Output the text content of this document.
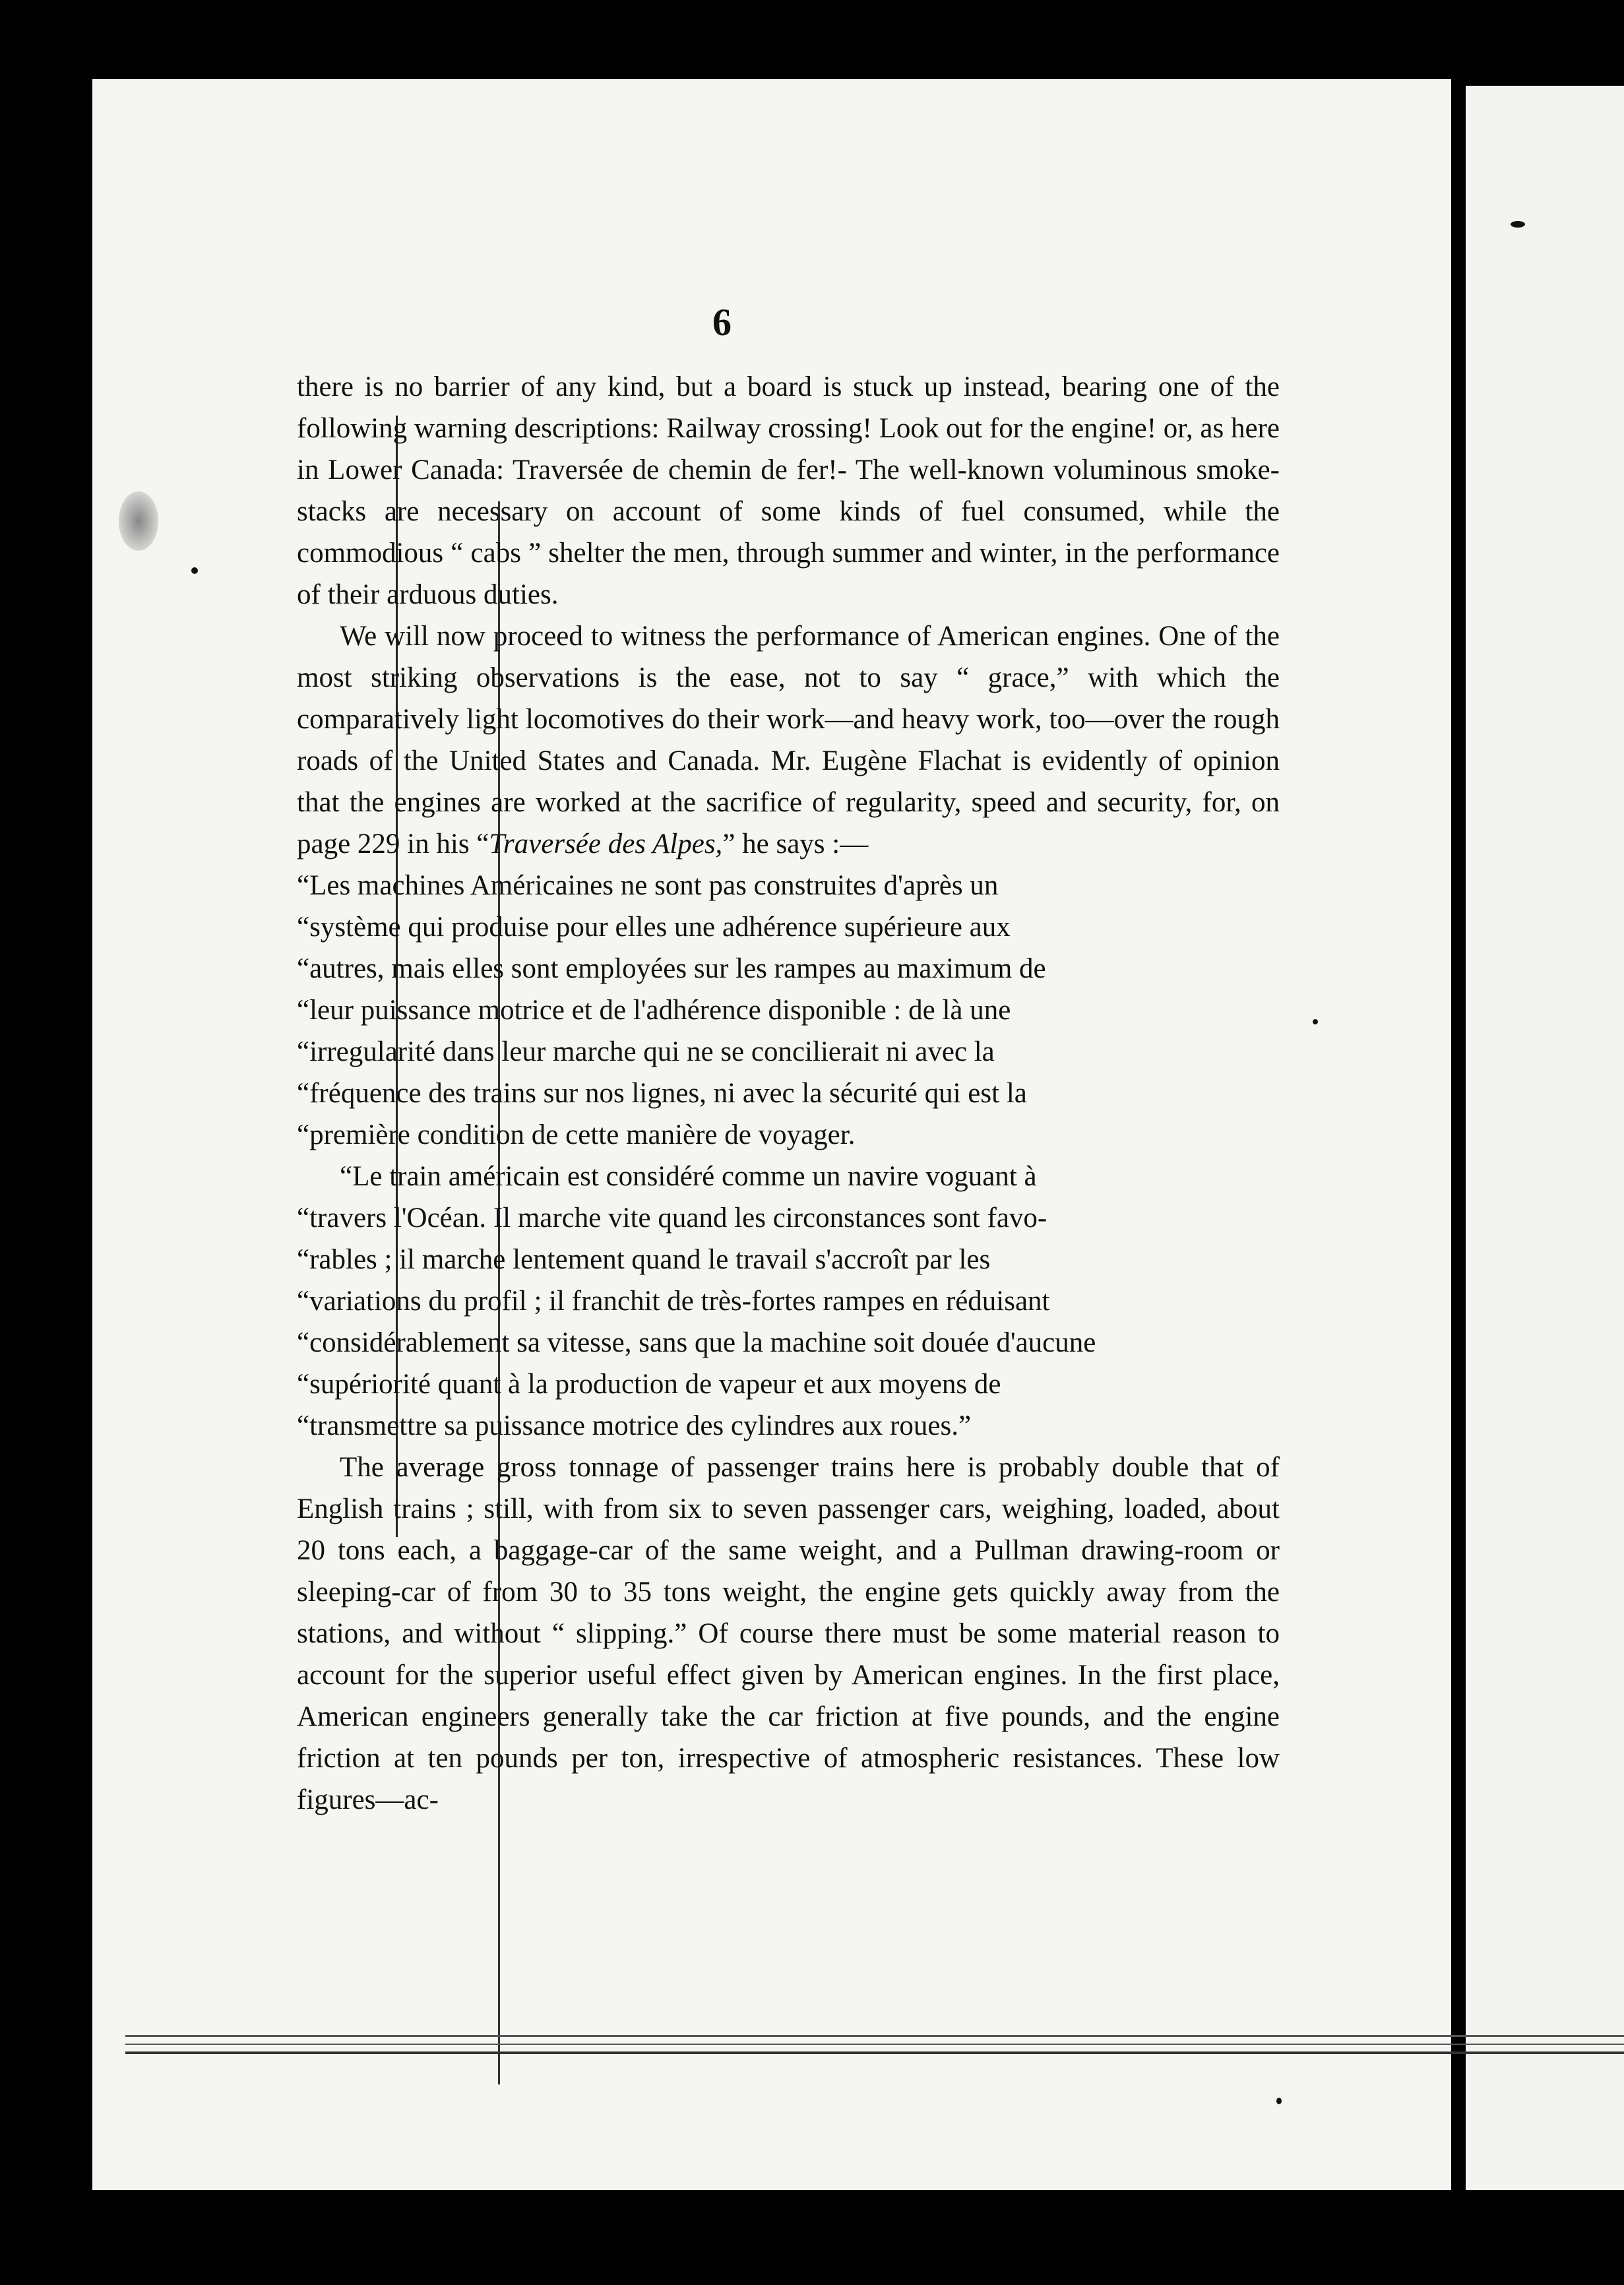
6

there is no barrier of any kind, but a board is stuck up instead, bearing one of the following warning descriptions: Railway crossing! Look out for the engine! or, as here in Lower Canada: Traversée de chemin de fer!- The well-known voluminous smoke-stacks are necessary on account of some kinds of fuel consumed, while the commodious “ cabs ” shelter the men, through summer and winter, in the performance of their arduous duties.

We will now proceed to witness the performance of American engines. One of the most striking observations is the ease, not to say “ grace,” with which the comparatively light locomotives do their work—and heavy work, too—over the rough roads of the United States and Canada. Mr. Eugène Flachat is evidently of opinion that the engines are worked at the sacrifice of regularity, speed and security, for, on page 229 in his “Traversée des Alpes,” he says :—

“ Les machines Américaines ne sont pas construites d'après un
“ système qui produise pour elles une adhérence supérieure aux
“ autres, mais elles sont employées sur les rampes au maximum de
“ leur puissance motrice et de l'adhérence disponible : de là une
“ irregularité dans leur marche qui ne se concilierait ni avec la
“ fréquence des trains sur nos lignes, ni avec la sécurité qui est la
“ première condition de cette manière de voyager.

“ Le train américain est considéré comme un navire voguant à
“ travers l'Océan. Il marche vite quand les circonstances sont favo-
“ rables ; il marche lentement quand le travail s'accroît par les
“ variations du profil ; il franchit de très-fortes rampes en réduisant
“ considérablement sa vitesse, sans que la machine soit douée d'aucune
“ supériorité quant à la production de vapeur et aux moyens de
“ transmettre sa puissance motrice des cylindres aux roues.”

The average gross tonnage of passenger trains here is probably double that of English trains ; still, with from six to seven passenger cars, weighing, loaded, about 20 tons each, a baggage-car of the same weight, and a Pullman drawing-room or sleeping-car of from 30 to 35 tons weight, the engine gets quickly away from the stations, and without “ slipping.” Of course there must be some material reason to account for the superior useful effect given by American engines. In the first place, American engineers generally take the car friction at five pounds, and the engine friction at ten pounds per ton, irrespective of atmospheric resistances. These low figures—ac-
